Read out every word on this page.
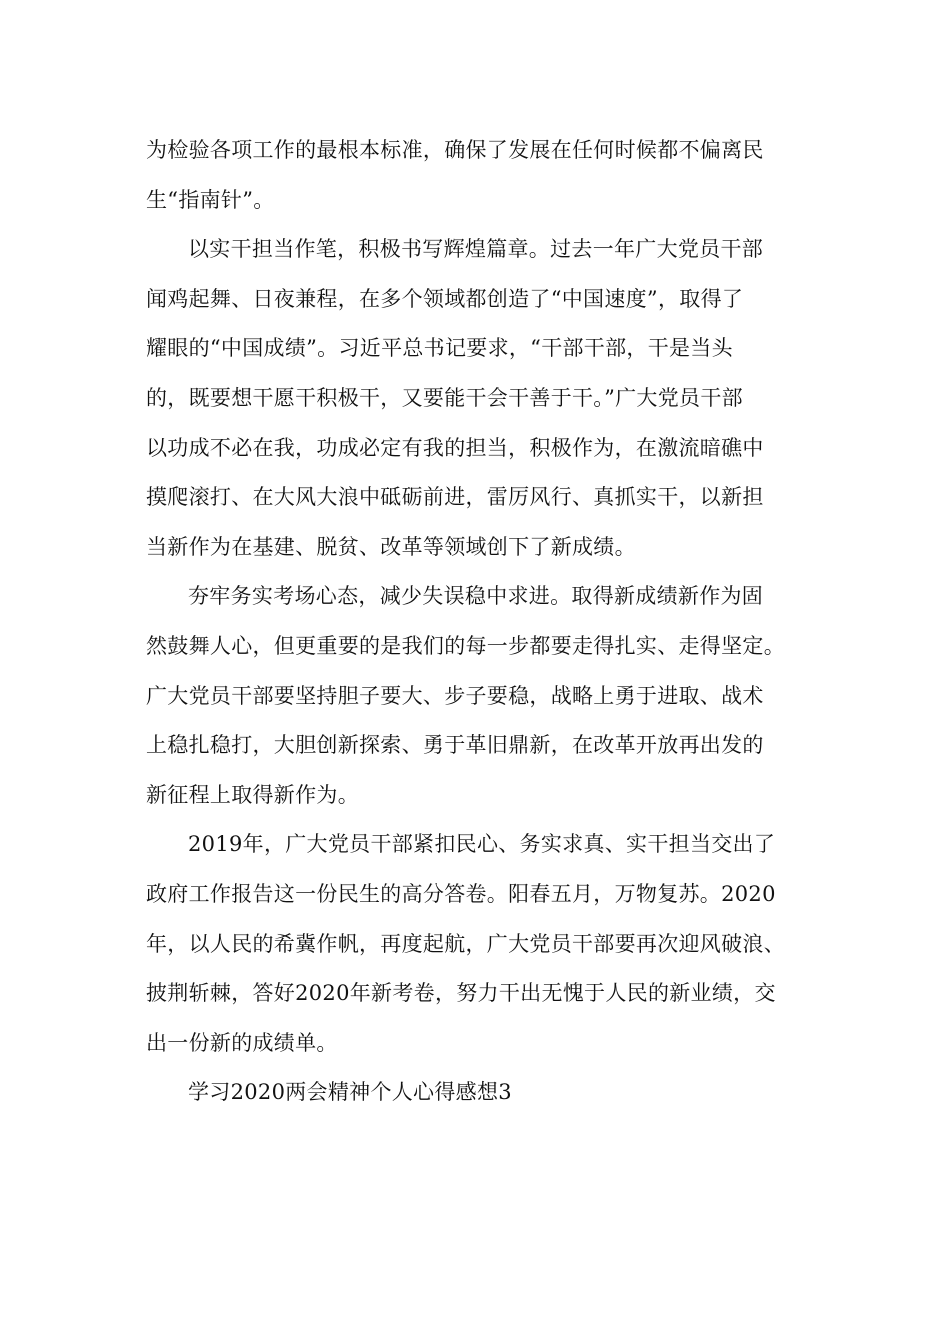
为检验各项工作的最根本标准，确保了发展在任何时候都不偏离民
生“指南针”。
以实干担当作笔，积极书写辉煌篇章。过去一年广大党员干部
闻鸡起舞、日夜兼程，在多个领域都创造了“中国速度”，取得了
耀眼的“中国成绩”。习近平总书记要求，“干部干部，干是当头
的，既要想干愿干积极干，又要能干会干善于干。”广大党员干部
以功成不必在我，功成必定有我的担当，积极作为，在激流暗礁中
摸爬滚打、在大风大浪中砥砺前进，雷厉风行、真抓实干，以新担
当新作为在基建、脱贫、改革等领域创下了新成绩。
夯牢务实考场心态，减少失误稳中求进。取得新成绩新作为固
然鼓舞人心，但更重要的是我们的每一步都要走得扎实、走得坚定。
广大党员干部要坚持胆子要大、步子要稳，战略上勇于进取、战术
上稳扎稳打，大胆创新探索、勇于革旧鼎新，在改革开放再出发的
新征程上取得新作为。
2019年，广大党员干部紧扣民心、务实求真、实干担当交出了
政府工作报告这一份民生的高分答卷。阳春五月，万物复苏。2020
年，以人民的希冀作帆，再度起航，广大党员干部要再次迎风破浪、
披荆斩棘，答好2020年新考卷，努力干出无愧于人民的新业绩，交
出一份新的成绩单。
学习2020两会精神个人心得感想3
